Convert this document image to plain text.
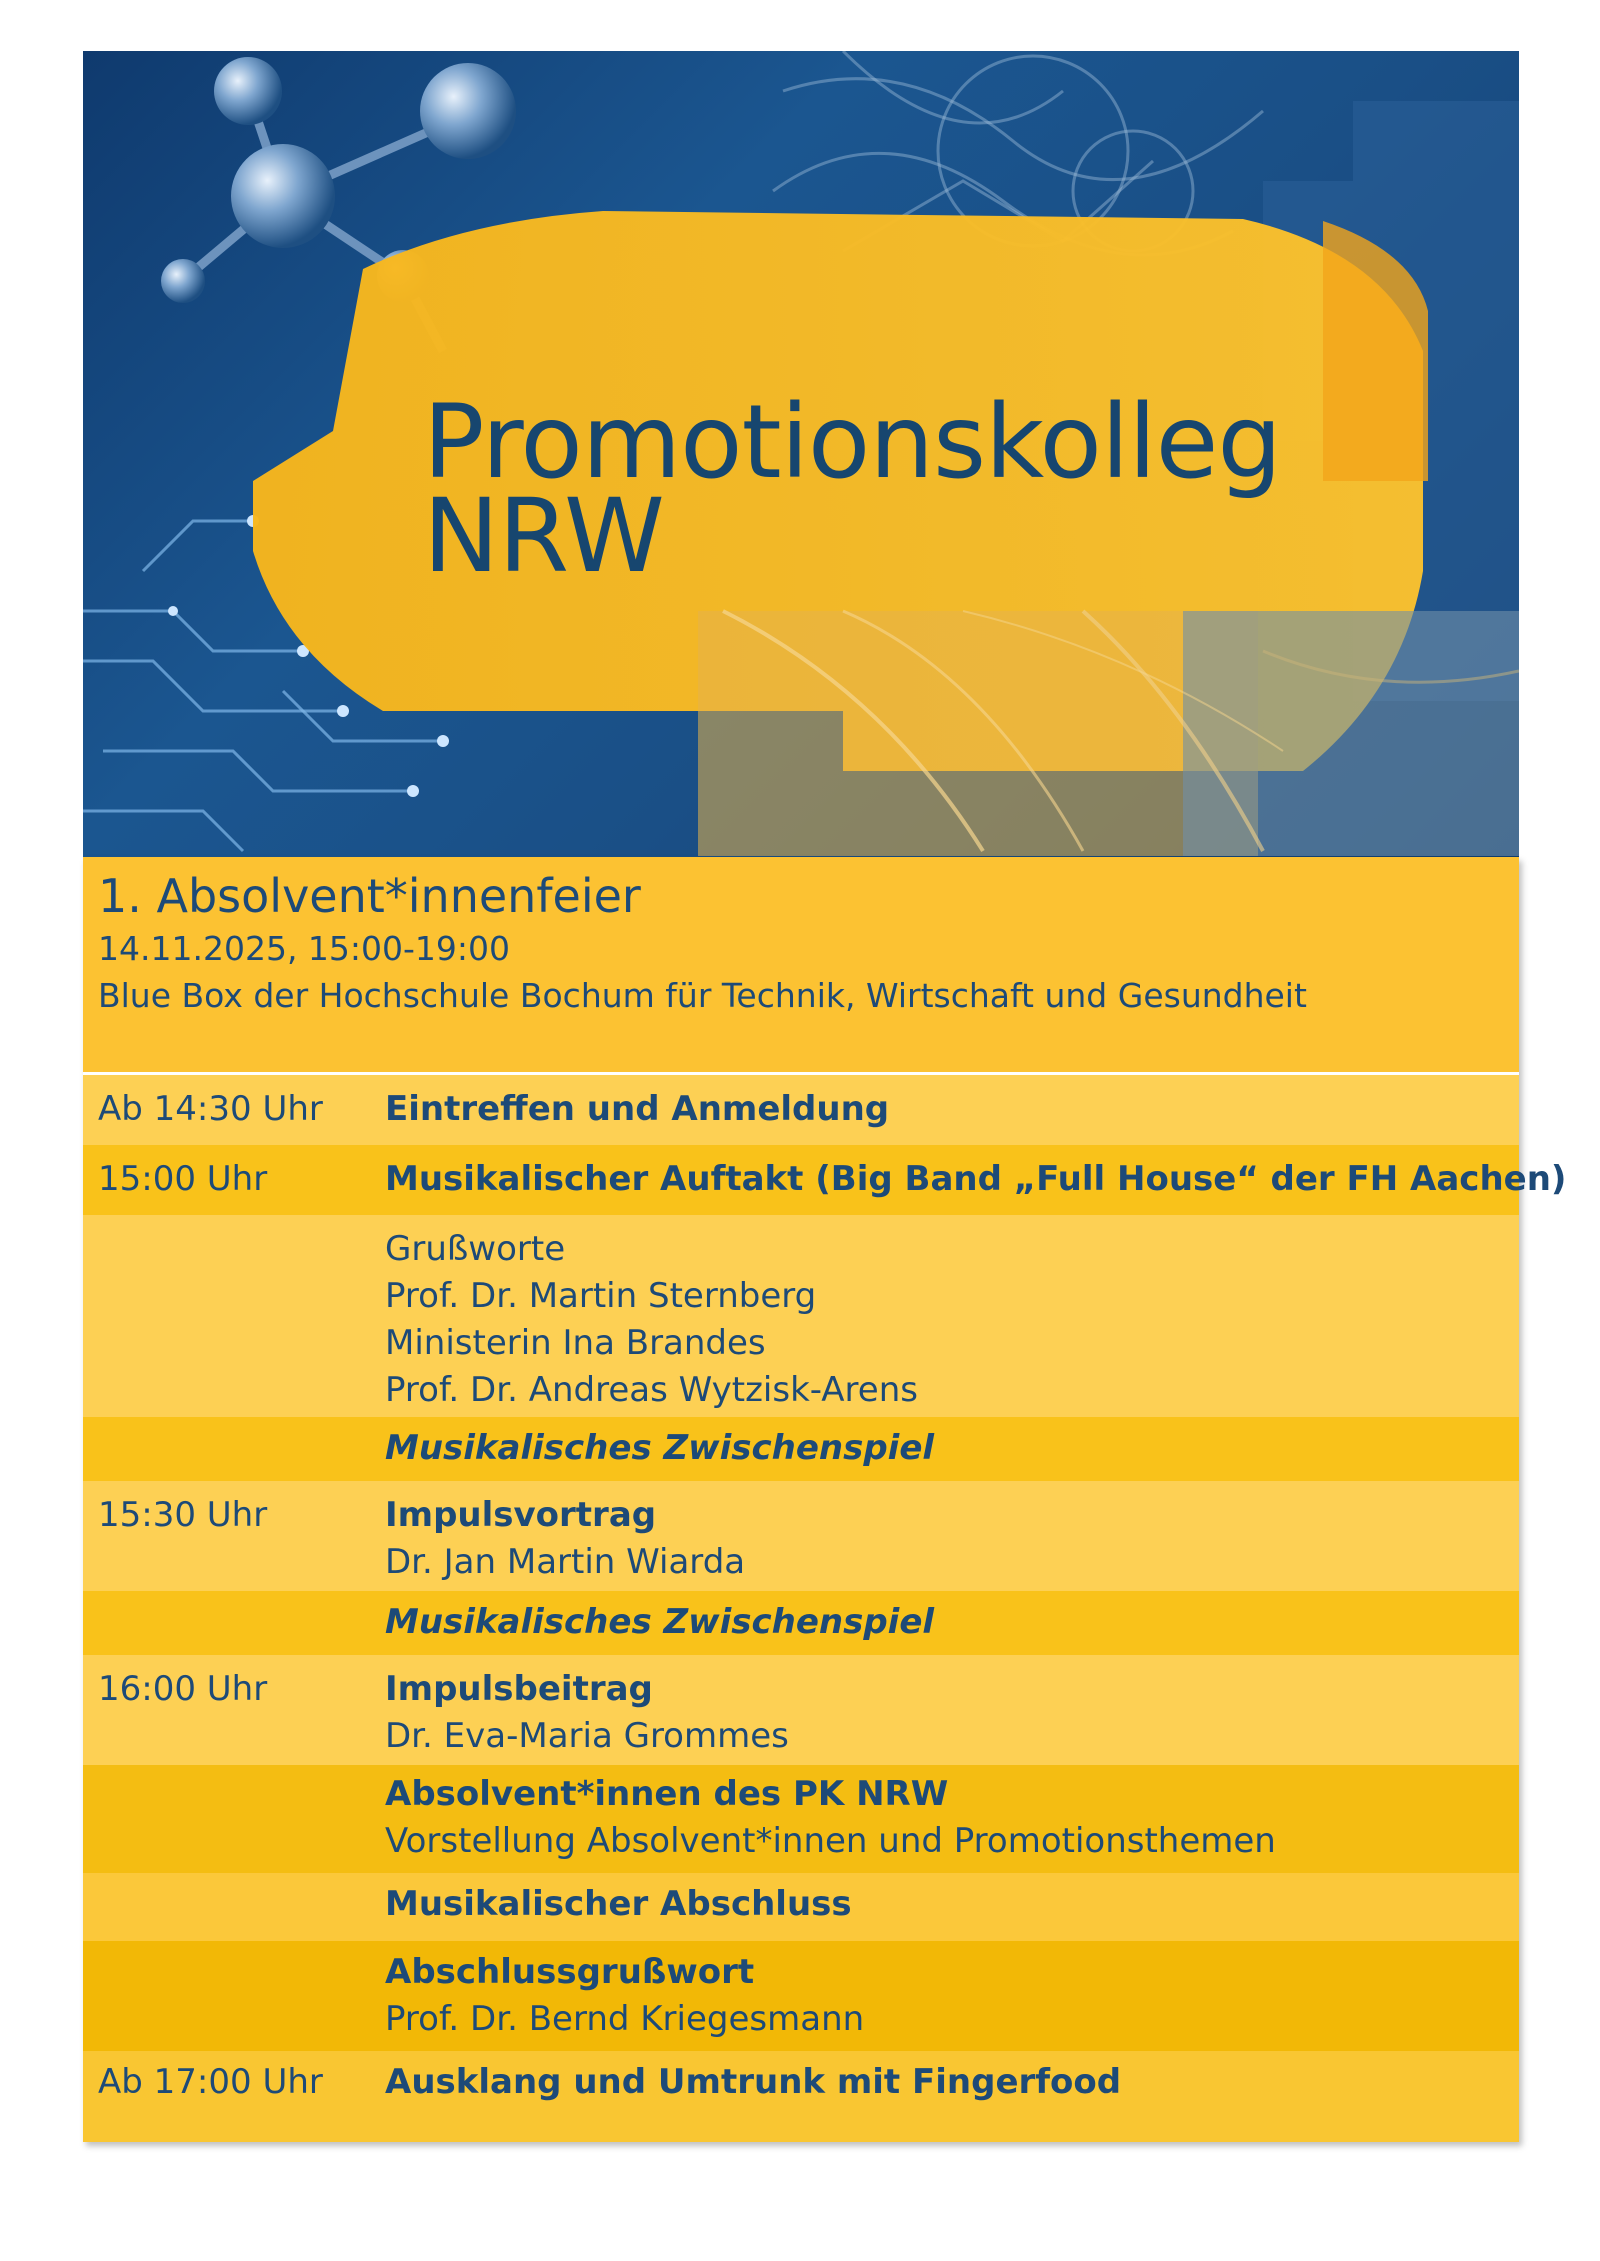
Promotionskolleg
NRW
1. Absolvent*innenfeier
14.11.2025, 15:00-19:00
Blue Box der Hochschule Bochum für Technik, Wirtschaft und Gesundheit
Ab 14:30 Uhr Eintreffen und Anmeldung
15:00 Uhr	Musikalischer Auftakt (Big Band „Full House“ der FH Aachen)
Grußworte
Prof. Dr. Martin Sternberg
Ministerin Ina Brandes
Prof. Dr. Andreas Wytzisk-Arens
Musikalisches Zwischenspiel
15:30 Uhr	Impulsvortrag
Dr. Jan Martin Wiarda
Musikalisches Zwischenspiel
16:00 Uhr	Impulsbeitrag
Dr. Eva-Maria Grommes
Absolvent*innen des PK NRW
Vorstellung Absolvent*innen und Promotionsthemen
Musikalischer Abschluss
Abschlussgrußwort
Prof. Dr. Bernd Kriegesmann
Ab 17:00 Uhr Ausklang und Umtrunk mit Fingerfood
